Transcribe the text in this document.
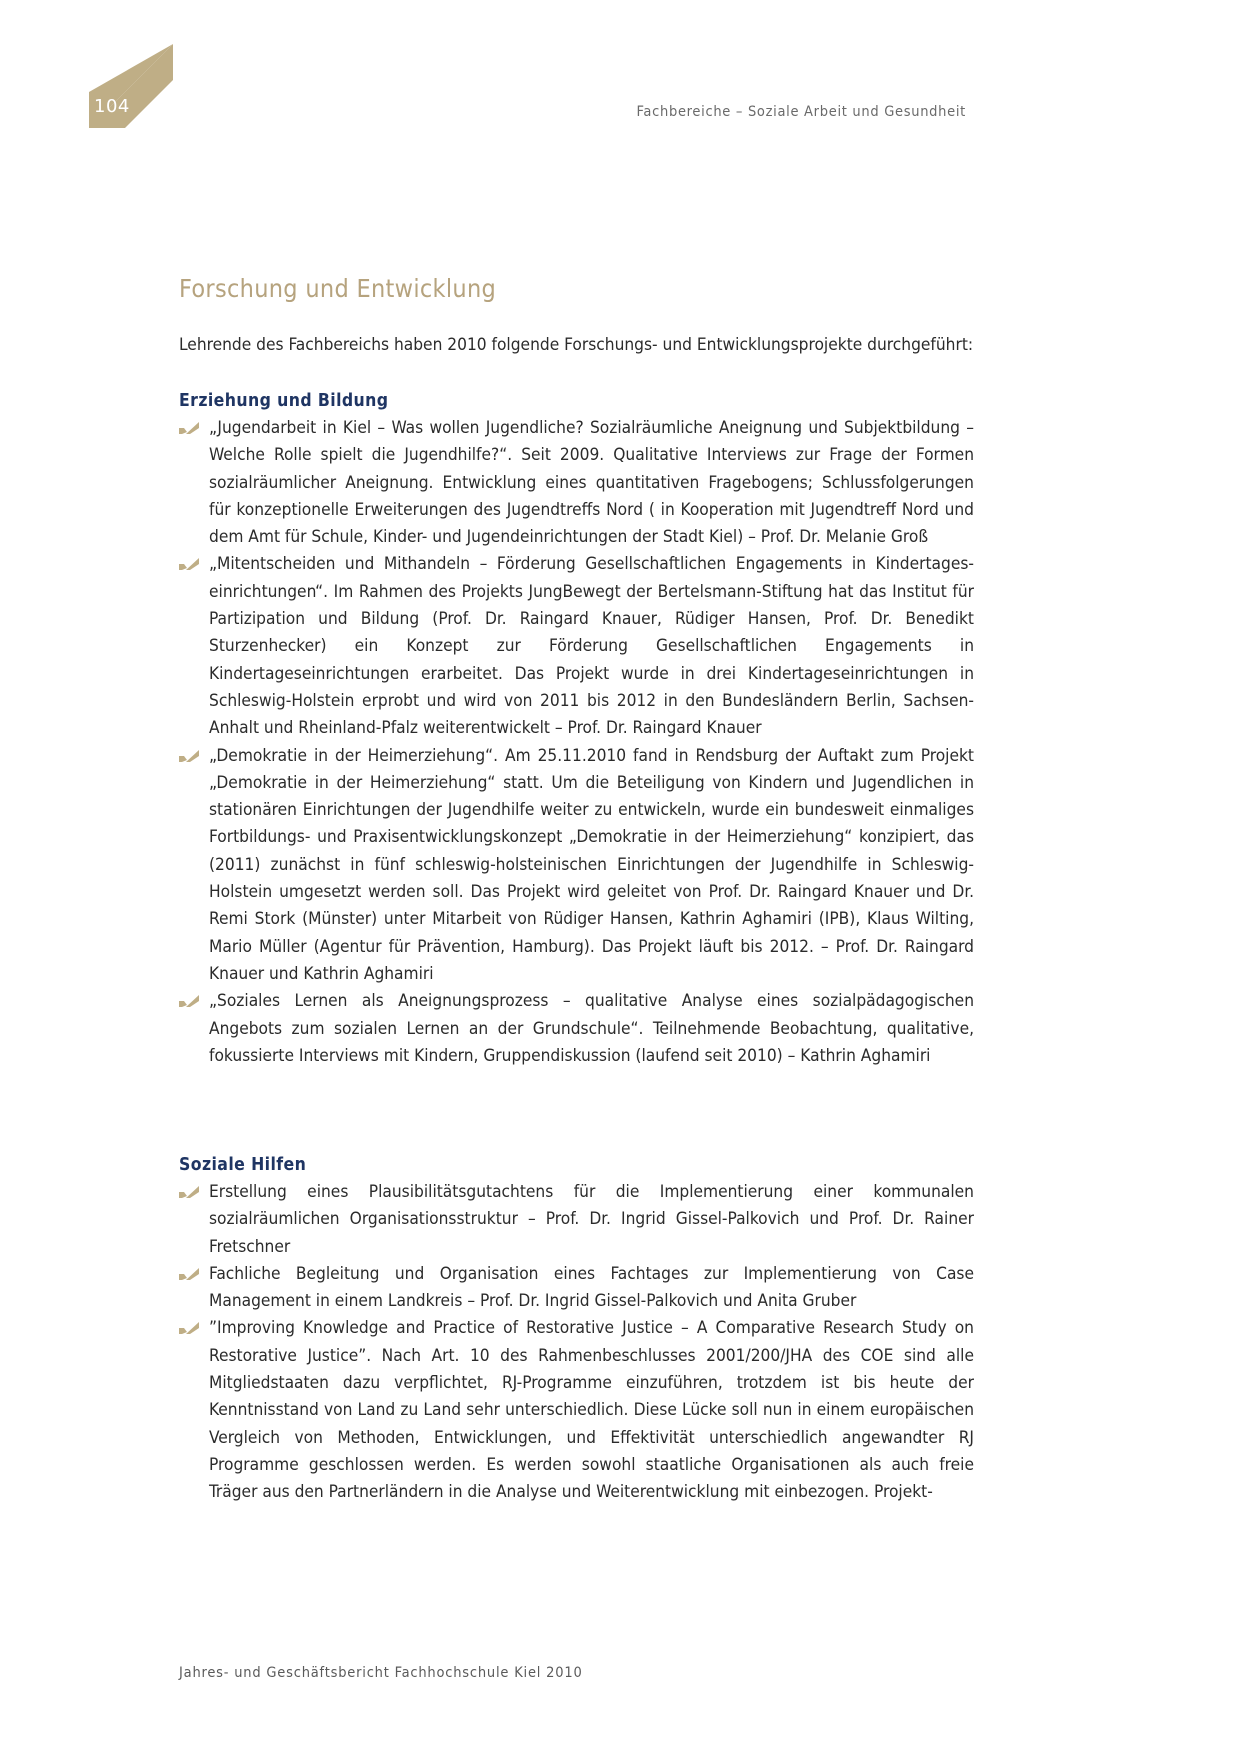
104	Fachbereiche – Soziale Arbeit und Gesundheit
Forschung und Entwicklung

Lehrende des Fachbereichs haben 2010 folgende Forschungs- und Entwicklungsprojekte durchgeführt:

Erziehung und Bildung
„Jugendarbeit in Kiel – Was wollen Jugendliche? Sozialräumliche Aneignung und Subjektbildung – Welche Rolle spielt die Jugendhilfe?“. Seit 2009. Qualitative Interviews zur Frage der Formen sozialräumlicher Aneignung. Entwicklung eines quantitativen Fragebogens; Schlussfolgerungen für konzeptionelle Erweiterungen des Jugendtreffs Nord ( in Kooperation mit Jugendtreff Nord und dem Amt für Schule, Kinder- und Jugendeinrichtungen der Stadt Kiel) – Prof. Dr. Melanie Groß
„Mitentscheiden und Mithandeln – Förderung Gesellschaftlichen Engagements in Kindertageseinrichtungen“. Im Rahmen des Projekts JungBewegt der Bertelsmann-Stiftung hat das Institut für Partizipation und Bildung (Prof. Dr. Raingard Knauer, Rüdiger Hansen, Prof. Dr. Benedikt Sturzenhecker) ein Konzept zur Förderung Gesellschaftlichen Engagements in Kindertageseinrichtungen erarbeitet. Das Projekt wurde in drei Kindertageseinrichtungen in Schleswig-Holstein erprobt und wird von 2011 bis 2012 in den Bundesländern Berlin, Sachsen-Anhalt und Rheinland-Pfalz weiterentwickelt – Prof. Dr. Raingard Knauer
„Demokratie in der Heimerziehung“. Am 25.11.2010 fand in Rendsburg der Auftakt zum Projekt „Demokratie in der Heimerziehung“ statt. Um die Beteiligung von Kindern und Jugendlichen in stationären Einrichtungen der Jugendhilfe weiter zu entwickeln, wurde ein bundesweit einmaliges Fortbildungs- und Praxisentwicklungskonzept „Demokratie in der Heimerziehung“ konzipiert, das (2011) zunächst in fünf schleswig-holsteinischen Einrichtungen der Jugendhilfe in Schleswig-Holstein umgesetzt werden soll. Das Projekt wird geleitet von Prof. Dr. Raingard Knauer und Dr. Remi Stork (Münster) unter Mitarbeit von Rüdiger Hansen, Kathrin Aghamiri (IPB), Klaus Wilting, Mario Müller (Agentur für Prävention, Hamburg). Das Projekt läuft bis 2012. – Prof. Dr. Raingard Knauer und Kathrin Aghamiri
„Soziales Lernen als Aneignungsprozess – qualitative Analyse eines sozialpädagogischen Angebots zum sozialen Lernen an der Grundschule“. Teilnehmende Beobachtung, qualitative, fokussierte Interviews mit Kindern, Gruppendiskussion (laufend seit 2010) – Kathrin Aghamiri
Soziale Hilfen
Erstellung eines Plausibilitätsgutachtens für die Implementierung einer kommunalen sozialräumlichen Organisationsstruktur – Prof. Dr. Ingrid Gissel-Palkovich und Prof. Dr. Rainer Fretschner
Fachliche Begleitung und Organisation eines Fachtages zur Implementierung von Case Management in einem Landkreis – Prof. Dr. Ingrid Gissel-Palkovich und Anita Gruber
”Improving Knowledge and Practice of Restorative Justice – A Comparative Research Study on Restorative Justice”. Nach Art. 10 des Rahmenbeschlusses 2001/200/JHA des COE sind alle Mitgliedstaaten dazu verpflichtet, RJ-Programme einzuführen, trotzdem ist bis heute der Kenntnisstand von Land zu Land sehr unterschiedlich. Diese Lücke soll nun in einem europäischen Vergleich von Methoden, Entwicklungen, und Effektivität unterschiedlich angewandter RJ Programme geschlossen werden. Es werden sowohl staatliche Organisationen als auch freie Träger aus den Partnerländern in die Analyse und Weiterentwicklung mit einbezogen. Projekt-
Jahres- und Geschäftsbericht Fachhochschule Kiel 2010
